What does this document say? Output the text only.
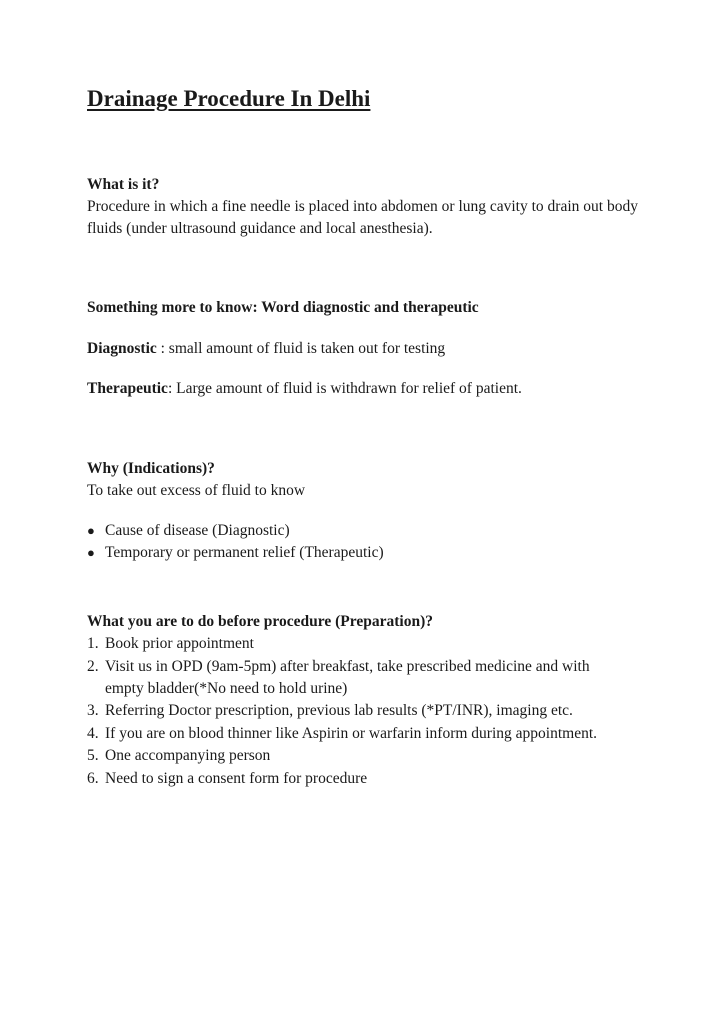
Drainage Procedure In Delhi

What is it?

Procedure in which a fine needle is placed into abdomen or lung cavity to drain out body fluids (under ultrasound guidance and local anesthesia).

Something more to know: Word diagnostic and therapeutic

Diagnostic : small amount of fluid is taken out for testing

Therapeutic: Large amount of fluid is withdrawn for relief of patient.

Why (Indications)?

To take out excess of fluid to know

● Cause of disease (Diagnostic)
● Temporary or permanent relief (Therapeutic)

What you are to do before procedure (Preparation)?

1. Book prior appointment
2. Visit us in OPD (9am-5pm) after breakfast, take prescribed medicine and with empty bladder(*No need to hold urine)
3. Referring Doctor prescription, previous lab results (*PT/INR), imaging etc.
4. If you are on blood thinner like Aspirin or warfarin inform during appointment.
5. One accompanying person
6. Need to sign a consent form for procedure
